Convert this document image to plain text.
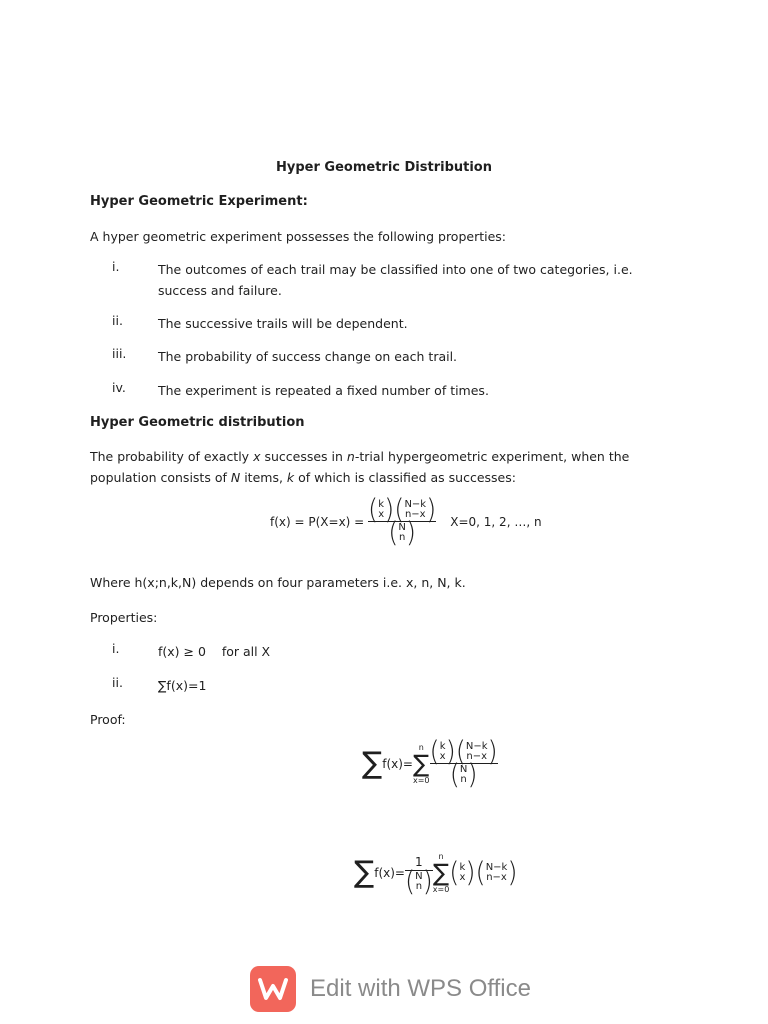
Hyper Geometric Distribution
Hyper Geometric Experiment:
A hyper geometric experiment possesses the following properties:
i.	The outcomes of each trail may be classified into one of two categories, i.e. success and failure.
ii.	The successive trails will be dependent.
iii.	The probability of success change on each trail.
iv.	The experiment is repeated a fixed number of times.
Hyper Geometric distribution
The probability of exactly x successes in n-trial hypergeometric experiment, when the population consists of N items, k of which is classified as successes:
f(x) = P(X=x) =
( k
x ) ( N−k
n−x )
( N
n ) X=0, 1, 2, …, n
Where h(x;n,k,N) depends on four parameters i.e. x, n, N, k.
Properties:
i.	f(x) ≥ 0    for all X
ii.	∑f(x)=1
Proof:
∑ f(x)=
n
∑
x=0 ( k
x ) ( N−k
n−x )
( N
n )
∑ f(x)= 1
( N
n ) n
∑
x=0
( k
x ) ( N−k
n−x )
Edit with WPS Office
